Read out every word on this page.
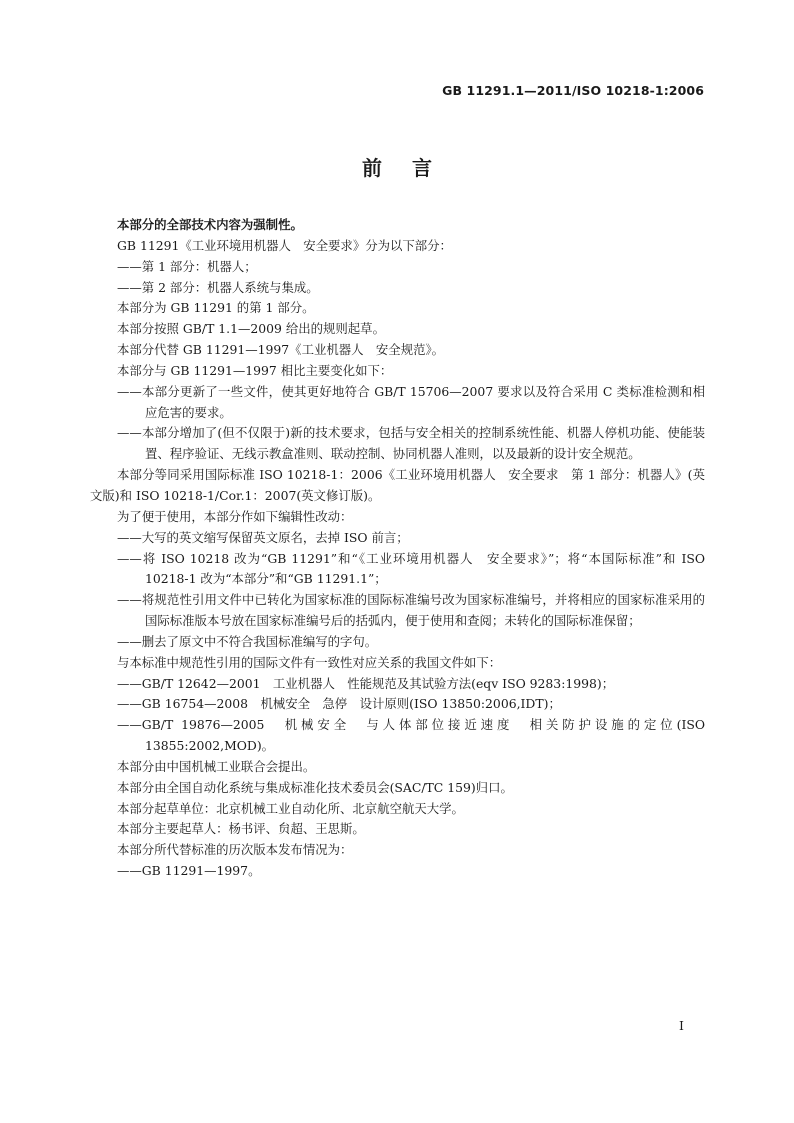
GB 11291.1—2011/ISO 10218-1:2006
前言
本部分的全部技术内容为强制性。
GB 11291《工业环境用机器人　安全要求》分为以下部分：
——第 1 部分：机器人；
——第 2 部分：机器人系统与集成。
本部分为 GB 11291 的第 1 部分。
本部分按照 GB/T 1.1—2009 给出的规则起草。
本部分代替 GB 11291—1997《工业机器人　安全规范》。
本部分与 GB 11291—1997 相比主要变化如下：
——本部分更新了一些文件，使其更好地符合 GB/T 15706—2007 要求以及符合采用 C 类标准检测和相应危害的要求。
——本部分增加了(但不仅限于)新的技术要求，包括与安全相关的控制系统性能、机器人停机功能、使能装置、程序验证、无线示教盒准则、联动控制、协同机器人准则，以及最新的设计安全规范。
本部分等同采用国际标准 ISO 10218-1：2006《工业环境用机器人　安全要求　第 1 部分：机器人》(英文版)和 ISO 10218-1/Cor.1：2007(英文修订版)。
为了便于使用，本部分作如下编辑性改动：
——大写的英文缩写保留英文原名，去掉 ISO 前言；
——将 ISO 10218 改为“GB 11291”和“《工业环境用机器人　安全要求》”；将“本国际标准”和 ISO 10218-1 改为“本部分”和“GB 11291.1”；
——将规范性引用文件中已转化为国家标准的国际标准编号改为国家标准编号，并将相应的国家标准采用的国际标准版本号放在国家标准编号后的括弧内，便于使用和查阅；未转化的国际标准保留；
——删去了原文中不符合我国标准编写的字句。
与本标准中规范性引用的国际文件有一致性对应关系的我国文件如下：
——GB/T 12642—2001　工业机器人　性能规范及其试验方法(eqv ISO 9283:1998)；
——GB 16754—2008　机械安全　急停　设计原则(ISO 13850:2006,IDT)；
——GB/T 19876—2005　机械安全　与人体部位接近速度　相关防护设施的定位(ISO 13855:2002,MOD)。
本部分由中国机械工业联合会提出。
本部分由全国自动化系统与集成标准化技术委员会(SAC/TC 159)归口。
本部分起草单位：北京机械工业自动化所、北京航空航天大学。
本部分主要起草人：杨书评、贠超、王思斯。
本部分所代替标准的历次版本发布情况为：
——GB 11291—1997。
I
